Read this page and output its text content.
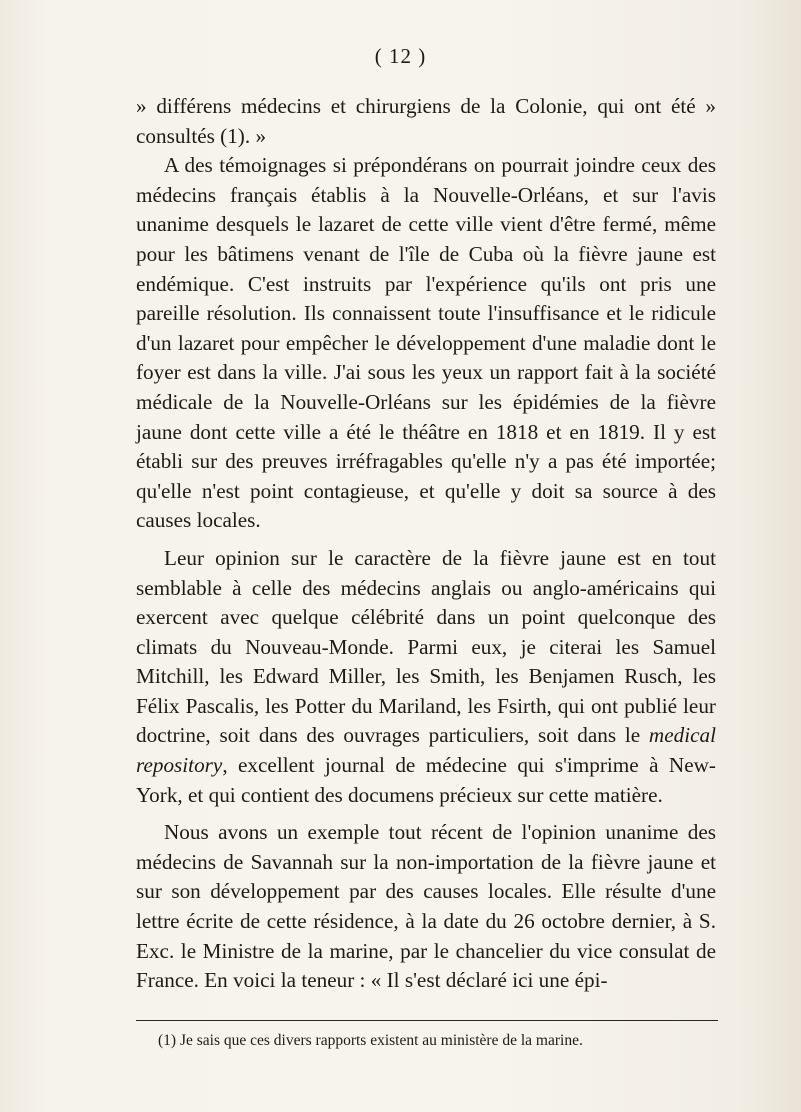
( 12 )

» différens médecins et chirurgiens de la Colonie, qui ont été » consultés (1). »

A des témoignages si prépondérans on pourrait joindre ceux des médecins français établis à la Nouvelle-Orléans, et sur l'avis unanime desquels le lazaret de cette ville vient d'être fermé, même pour les bâtimens venant de l'île de Cuba où la fièvre jaune est endémique. C'est instruits par l'expérience qu'ils ont pris une pareille résolution. Ils connaissent toute l'insuffisance et le ridicule d'un lazaret pour empêcher le développement d'une maladie dont le foyer est dans la ville. J'ai sous les yeux un rapport fait à la société médicale de la Nouvelle-Orléans sur les épidémies de la fièvre jaune dont cette ville a été le théâtre en 1818 et en 1819. Il y est établi sur des preuves irréfragables qu'elle n'y a pas été importée; qu'elle n'est point contagieuse, et qu'elle y doit sa source à des causes locales.

Leur opinion sur le caractère de la fièvre jaune est en tout semblable à celle des médecins anglais ou anglo-américains qui exercent avec quelque célébrité dans un point quelconque des climats du Nouveau-Monde. Parmi eux, je citerai les Samuel Mitchill, les Edward Miller, les Smith, les Benjamen Rusch, les Félix Pascalis, les Potter du Mariland, les Fsirth, qui ont publié leur doctrine, soit dans des ouvrages particuliers, soit dans le medical repository, excellent journal de médecine qui s'imprime à New-York, et qui contient des documens précieux sur cette matière.

Nous avons un exemple tout récent de l'opinion unanime des médecins de Savannah sur la non-importation de la fièvre jaune et sur son développement par des causes locales. Elle résulte d'une lettre écrite de cette résidence, à la date du 26 octobre dernier, à S. Exc. le Ministre de la marine, par le chancelier du vice consulat de France. En voici la teneur : « Il s'est déclaré ici une épi-

(1) Je sais que ces divers rapports existent au ministère de la marine.
